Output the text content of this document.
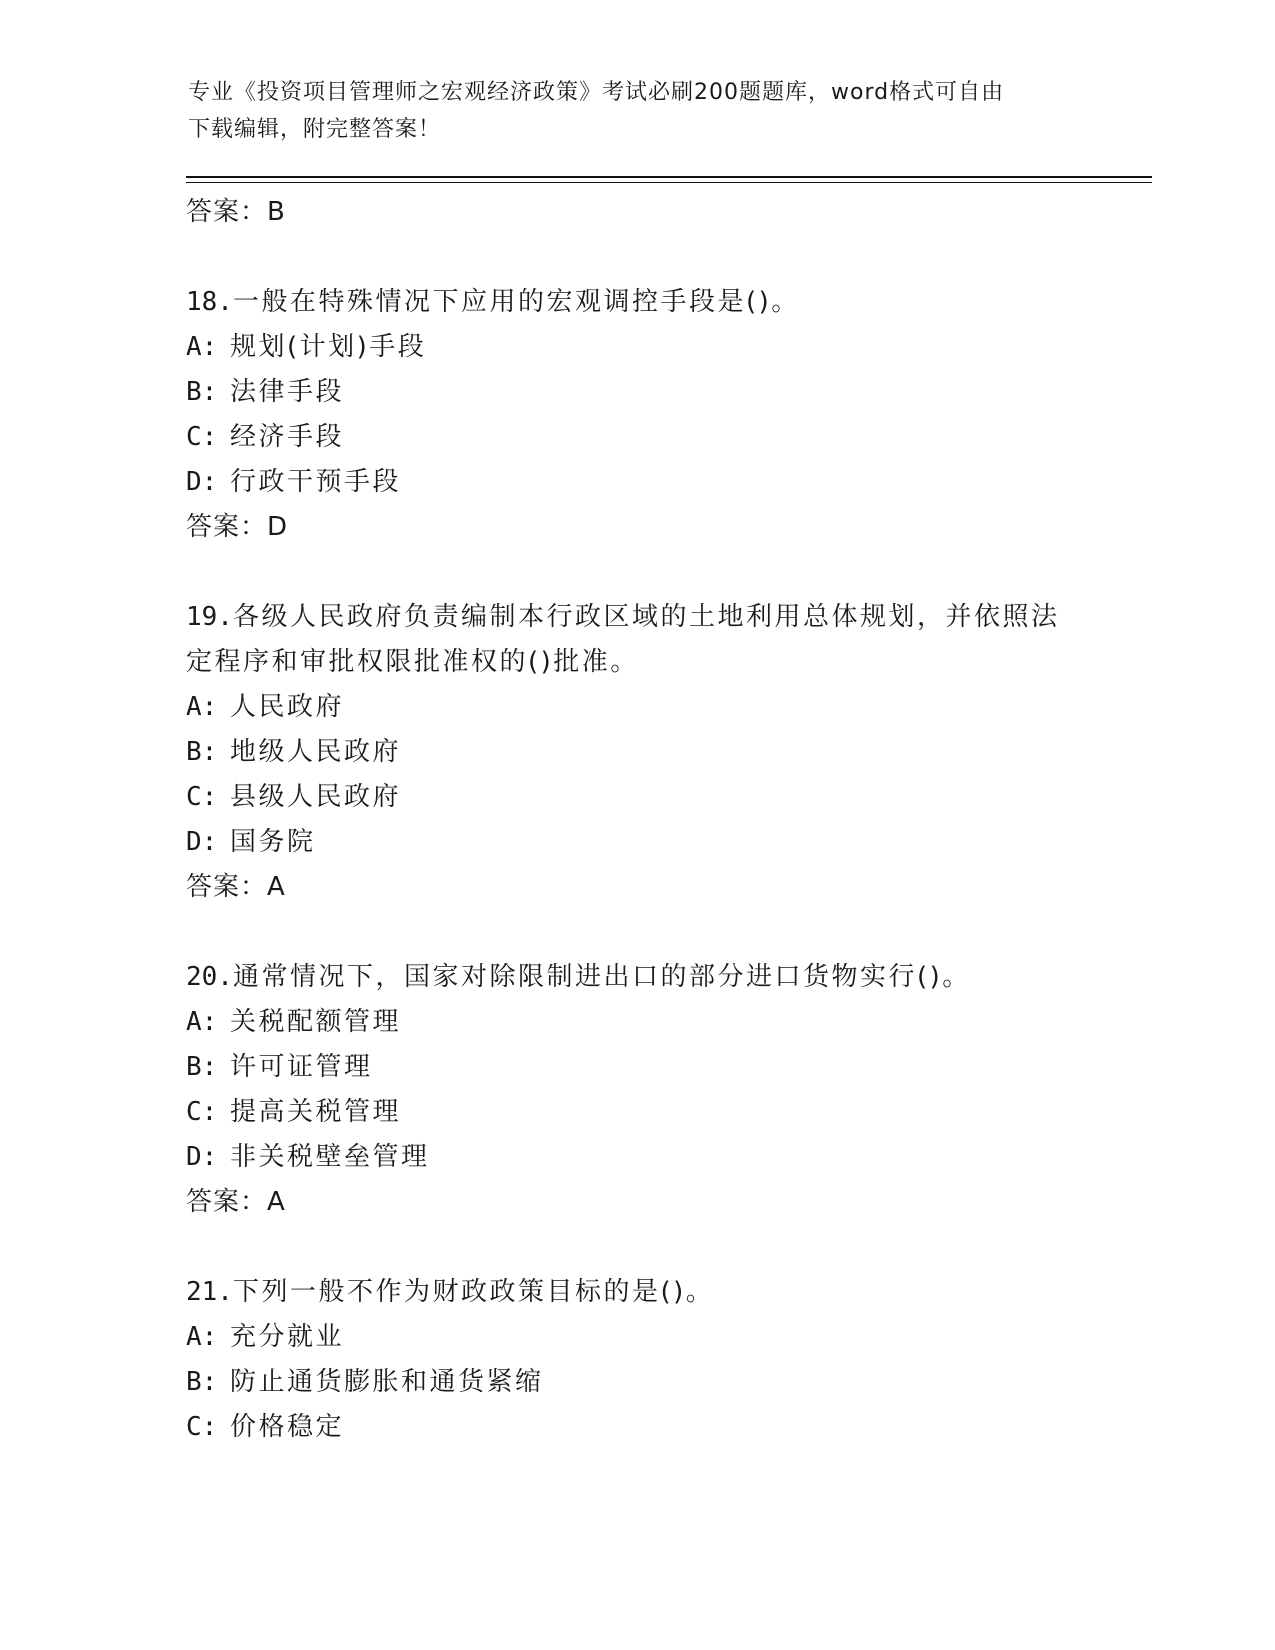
专业《投资项目管理师之宏观经济政策》考试必刷200题题库，word格式可自由
下载编辑，附完整答案！
答案：B
18.一般在特殊情况下应用的宏观调控手段是()。
A: 规划(计划)手段
B: 法律手段
C: 经济手段
D: 行政干预手段
答案：D
19.各级人民政府负责编制本行政区域的土地利用总体规划，并依照法
定程序和审批权限批准权的()批准。
A: 人民政府
B: 地级人民政府
C: 县级人民政府
D: 国务院
答案：A
20.通常情况下，国家对除限制进出口的部分进口货物实行()。
A: 关税配额管理
B: 许可证管理
C: 提高关税管理
D: 非关税壁垒管理
答案：A
21.下列一般不作为财政政策目标的是()。
A: 充分就业
B: 防止通货膨胀和通货紧缩
C: 价格稳定
